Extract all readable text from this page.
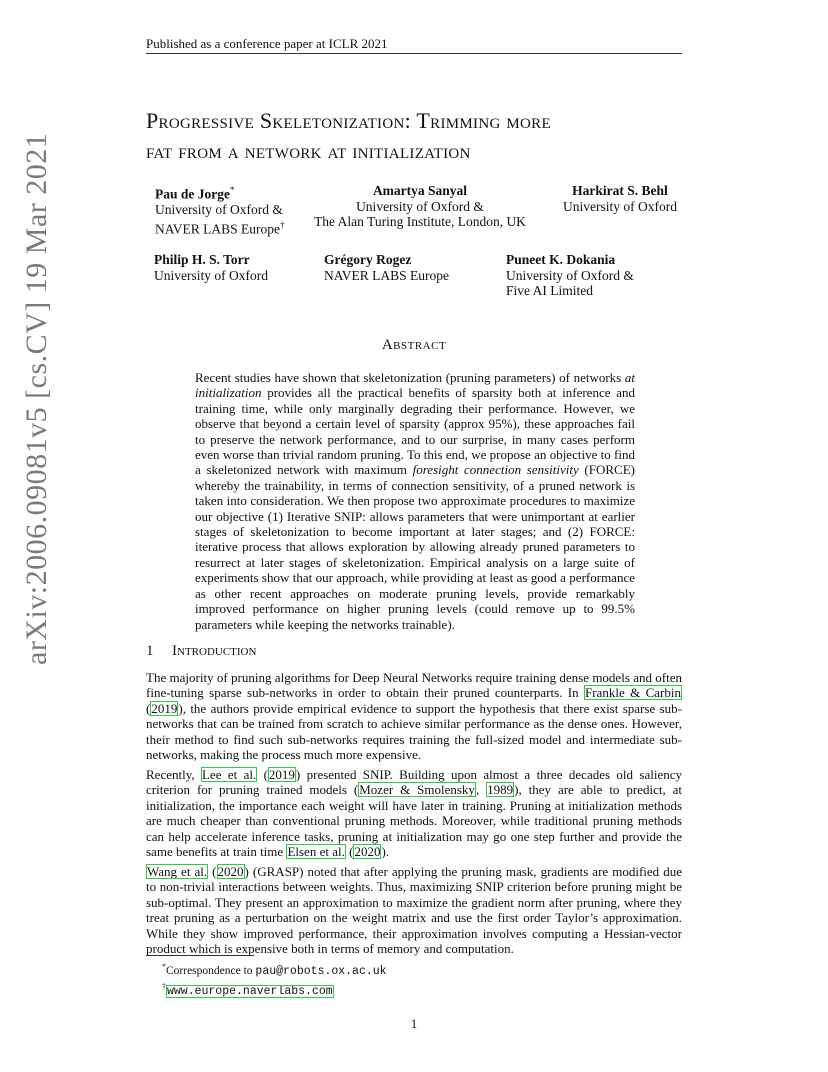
Published as a conference paper at ICLR 2021
Progressive Skeletonization: Trimming more
fat from a network at initialization
Pau de Jorge*
University of Oxford &
NAVER LABS Europe†
Amartya Sanyal
University of Oxford &
The Alan Turing Institute, London, UK
Harkirat S. Behl
University of Oxford
Philip H. S. Torr
University of Oxford
Grégory Rogez
NAVER LABS Europe
Puneet K. Dokania
University of Oxford &
Five AI Limited
Abstract
Recent studies have shown that skeletonization (pruning parameters) of networks at initialization provides all the practical benefits of sparsity both at inference and training time, while only marginally degrading their performance. However, we observe that beyond a certain level of sparsity (approx 95%), these approaches fail to preserve the network performance, and to our surprise, in many cases perform even worse than trivial random pruning. To this end, we propose an objective to find a skeletonized network with maximum foresight connection sensitivity (FORCE) whereby the trainability, in terms of connection sensitivity, of a pruned network is taken into consideration. We then propose two approximate procedures to maximize our objective (1) Iterative SNIP: allows parameters that were unimportant at earlier stages of skeletonization to become important at later stages; and (2) FORCE: iterative process that allows exploration by allowing already pruned parameters to resurrect at later stages of skeletonization. Empirical analysis on a large suite of experiments show that our approach, while providing at least as good a performance as other recent approaches on moderate pruning levels, provide remarkably improved performance on higher pruning levels (could remove up to 99.5% parameters while keeping the networks trainable).
1 Introduction
The majority of pruning algorithms for Deep Neural Networks require training dense models and often fine-tuning sparse sub-networks in order to obtain their pruned counterparts. In Frankle & Carbin (2019), the authors provide empirical evidence to support the hypothesis that there exist sparse sub-networks that can be trained from scratch to achieve similar performance as the dense ones. However, their method to find such sub-networks requires training the full-sized model and intermediate sub-networks, making the process much more expensive.
Recently, Lee et al. (2019) presented SNIP. Building upon almost a three decades old saliency criterion for pruning trained models (Mozer & Smolensky, 1989), they are able to predict, at initialization, the importance each weight will have later in training. Pruning at initialization methods are much cheaper than conventional pruning methods. Moreover, while traditional pruning methods can help accelerate inference tasks, pruning at initialization may go one step further and provide the same benefits at train time Elsen et al. (2020).
Wang et al. (2020) (GRASP) noted that after applying the pruning mask, gradients are modified due to non-trivial interactions between weights. Thus, maximizing SNIP criterion before pruning might be sub-optimal. They present an approximation to maximize the gradient norm after pruning, where they treat pruning as a perturbation on the weight matrix and use the first order Taylor’s approximation. While they show improved performance, their approximation involves computing a Hessian-vector product which is expensive both in terms of memory and computation.
*Correspondence to pau@robots.ox.ac.uk
†www.europe.naverlabs.com
arXiv:2006.09081v5 [cs.CV] 19 Mar 2021
1
